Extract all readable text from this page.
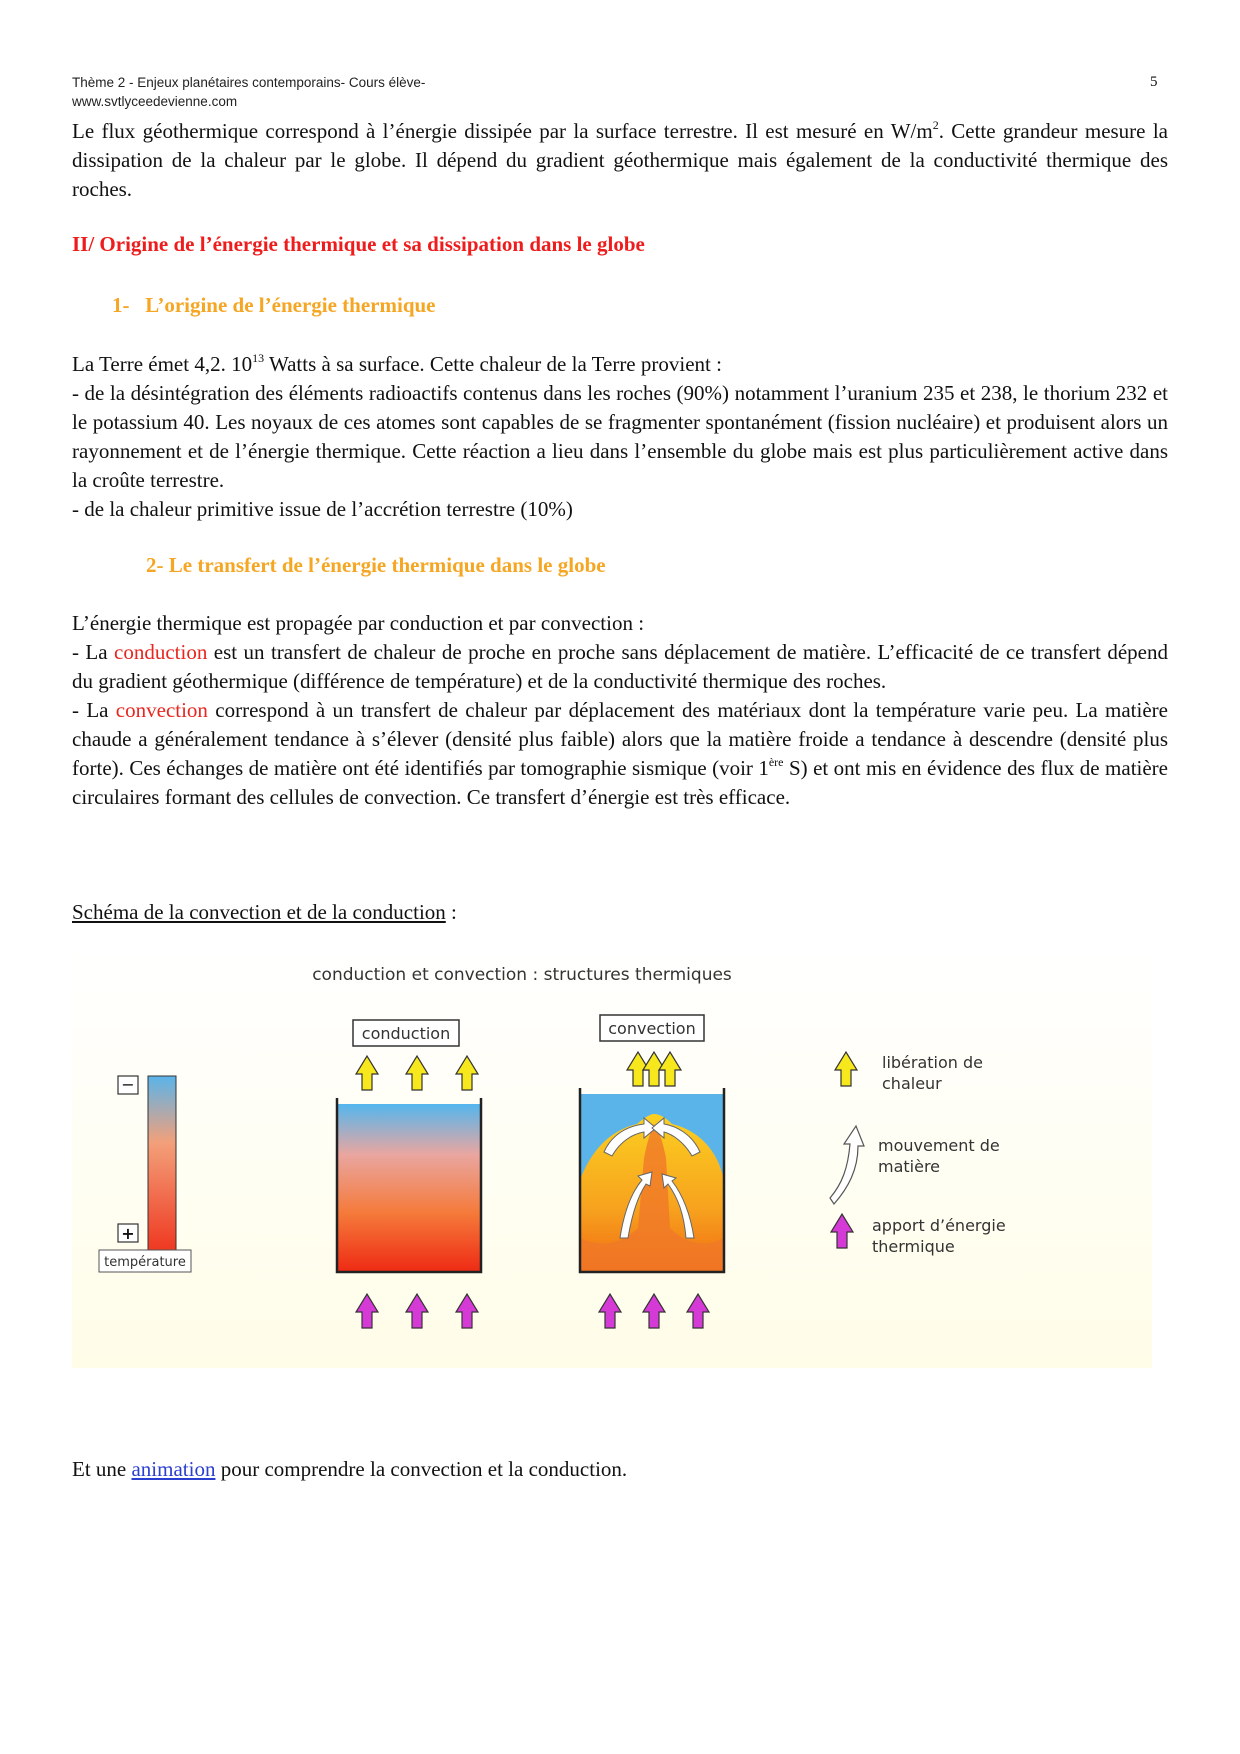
Thème 2 - Enjeux planétaires contemporains- Cours élève-
www.svtlyceedevienne.com
5

Le flux géothermique correspond à l’énergie dissipée par la surface terrestre. Il est mesuré en $W/m^2$. Cette grandeur mesure la dissipation de la chaleur par le globe. Il dépend du gradient géothermique mais également de la conductivité thermique des roches.

II/ Origine de l’énergie thermique et sa dissipation dans le globe
1- L’origine de l’énergie thermique
La Terre émet 4,2. $10^{13}$ Watts à sa surface. Cette chaleur de la Terre provient :
- de la désintégration des éléments radioactifs contenus dans les roches (90%) notamment l’uranium 235 et 238, le thorium 232 et le potassium 40. Les noyaux de ces atomes sont capables de se fragmenter spontanément (fission nucléaire) et produisent alors un rayonnement et de l’énergie thermique. Cette réaction a lieu dans l’ensemble du globe mais est plus particulièrement active dans la croûte terrestre.
- de la chaleur primitive issue de l’accrétion terrestre (10%)
2- Le transfert de l’énergie thermique dans le globe
L’énergie thermique est propagée par conduction et par convection :
- La conduction est un transfert de chaleur de proche en proche sans déplacement de matière. L’efficacité de ce transfert dépend du gradient géothermique (différence de température) et de la conductivité thermique des roches.
- La convection correspond à un transfert de chaleur par déplacement des matériaux dont la température varie peu. La matière chaude a généralement tendance à s’élever (densité plus faible) alors que la matière froide a tendance à descendre (densité plus forte). Ces échanges de matière ont été identifiés par tomographie sismique (voir 1ère S) et ont mis en évidence des flux de matière circulaires formant des cellules de convection. Ce transfert d’énergie est très efficace.
Schéma de la convection et de la conduction :
conduction et convection : structures thermiques
−
+
température
conduction	convection
libération de
chaleur
mouvement de
matière
apport d’énergie
thermique
Et une animation pour comprendre la convection et la conduction.
